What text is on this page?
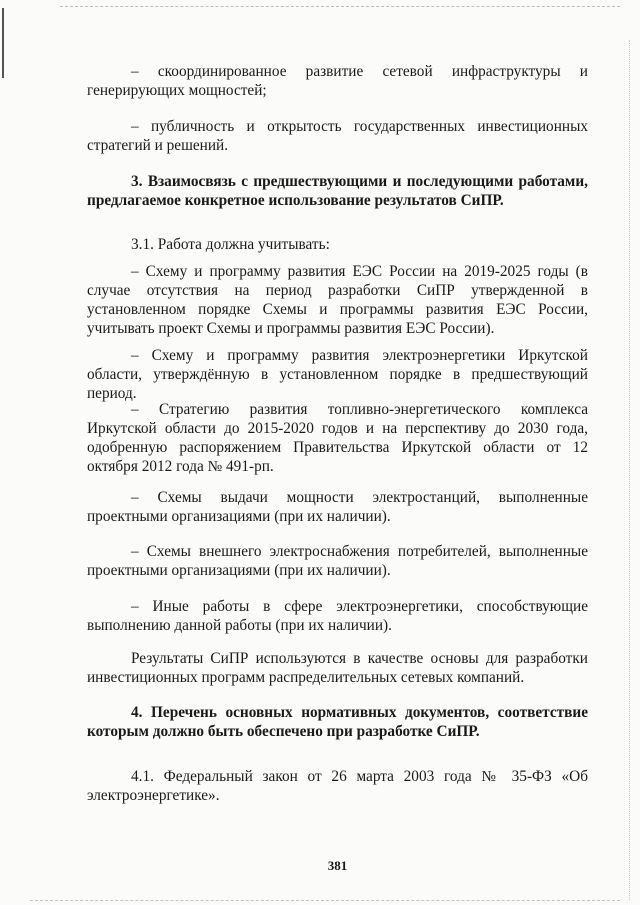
– скоординированное развитие сетевой инфраструктуры и генерирующих мощностей;
– публичность и открытость государственных инвестиционных стратегий и решений.
3. Взаимосвязь с предшествующими и последующими работами, предлагаемое конкретное использование результатов СиПР.
3.1. Работа должна учитывать:
– Схему и программу развития ЕЭС России на 2019-2025 годы (в случае отсутствия на период разработки СиПР утвержденной в установленном порядке Схемы и программы развития ЕЭС России, учитывать проект Схемы и программы развития ЕЭС России).
– Схему и программу развития электроэнергетики Иркутской области, утверждённую в установленном порядке в предшествующий период.
– Стратегию развития топливно-энергетического комплекса Иркутской области до 2015-2020 годов и на перспективу до 2030 года, одобренную распоряжением Правительства Иркутской области от 12 октября 2012 года № 491-рп.
– Схемы выдачи мощности электростанций, выполненные проектными организациями (при их наличии).
– Схемы внешнего электроснабжения потребителей, выполненные проектными организациями (при их наличии).
– Иные работы в сфере электроэнергетики, способствующие выполнению данной работы (при их наличии).
Результаты СиПР используются в качестве основы для разработки инвестиционных программ распределительных сетевых компаний.
4. Перечень основных нормативных документов, соответствие которым должно быть обеспечено при разработке СиПР.
4.1. Федеральный закон от 26 марта 2003 года № 35-ФЗ «Об электроэнергетике».
381
